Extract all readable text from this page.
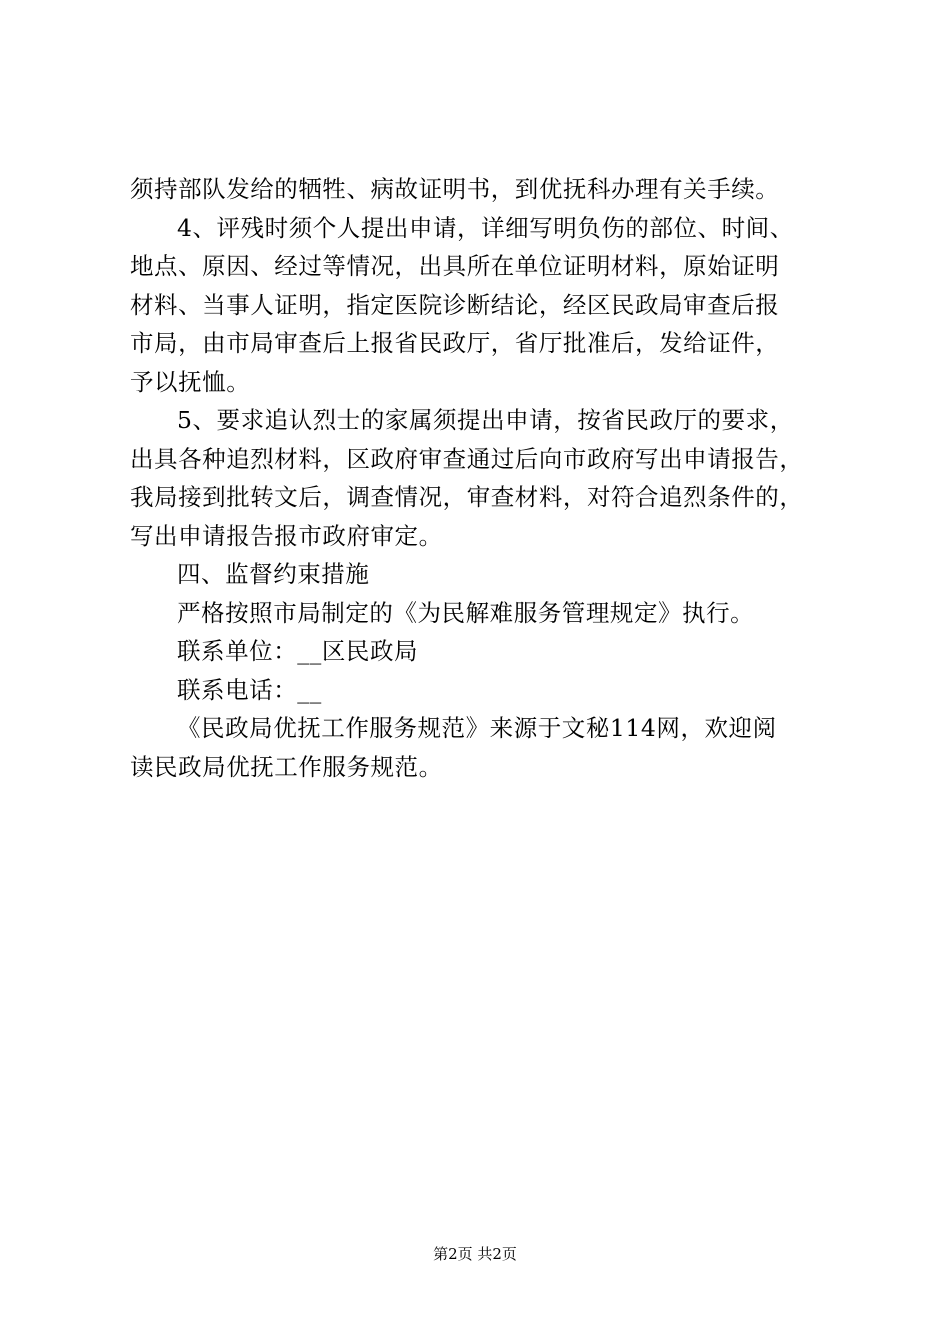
须持部队发给的牺牲、病故证明书，到优抚科办理有关手续。
4、评残时须个人提出申请，详细写明负伤的部位、时间、
地点、原因、经过等情况，出具所在单位证明材料，原始证明
材料、当事人证明，指定医院诊断结论，经区民政局审查后报
市局，由市局审查后上报省民政厅，省厅批准后，发给证件，
予以抚恤。
5、要求追认烈士的家属须提出申请，按省民政厅的要求，
出具各种追烈材料，区政府审查通过后向市政府写出申请报告，
我局接到批转文后，调查情况，审查材料，对符合追烈条件的，
写出申请报告报市政府审定。
四、监督约束措施
严格按照市局制定的《为民解难服务管理规定》执行。
联系单位：__区民政局
联系电话：__
《民政局优抚工作服务规范》来源于文秘114网，欢迎阅
读民政局优抚工作服务规范。
第2页 共2页
